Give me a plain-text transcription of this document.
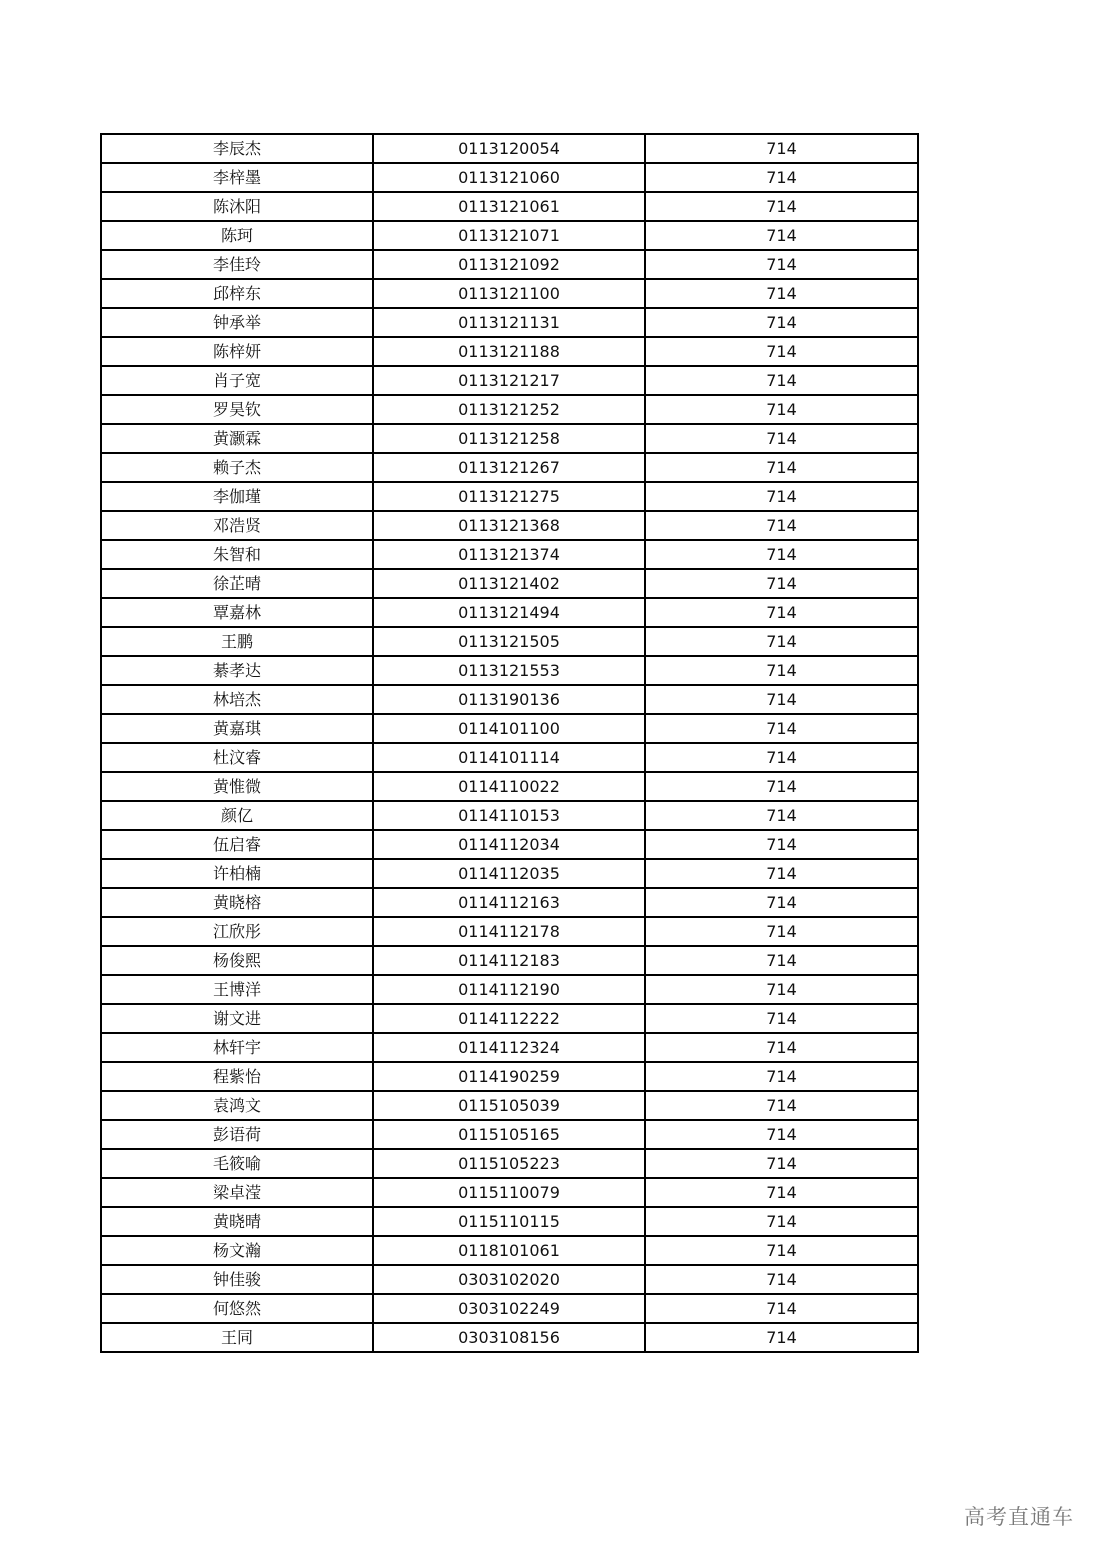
李辰杰	0113120054	714
李梓墨	0113121060	714
陈沐阳	0113121061	714
陈珂	0113121071	714
李佳玲	0113121092	714
邱梓东	0113121100	714
钟承举	0113121131	714
陈梓妍	0113121188	714
肖子宽	0113121217	714
罗昊钦	0113121252	714
黄灏霖	0113121258	714
赖子杰	0113121267	714
李伽瑾	0113121275	714
邓浩贤	0113121368	714
朱智和	0113121374	714
徐芷晴	0113121402	714
覃嘉林	0113121494	714
王鹏	0113121505	714
綦孝达	0113121553	714
林培杰	0113190136	714
黄嘉琪	0114101100	714
杜汶睿	0114101114	714
黄惟微	0114110022	714
颜亿	0114110153	714
伍启睿	0114112034	714
许柏楠	0114112035	714
黄晓榕	0114112163	714
江欣彤	0114112178	714
杨俊熙	0114112183	714
王博洋	0114112190	714
谢文进	0114112222	714
林轩宇	0114112324	714
程紫怡	0114190259	714
袁鸿文	0115105039	714
彭语荷	0115105165	714
毛筱喻	0115105223	714
梁卓滢	0115110079	714
黄晓晴	0115110115	714
杨文瀚	0118101061	714
钟佳骏	0303102020	714
何悠然	0303102249	714
王同	0303108156	714
高考直通车
